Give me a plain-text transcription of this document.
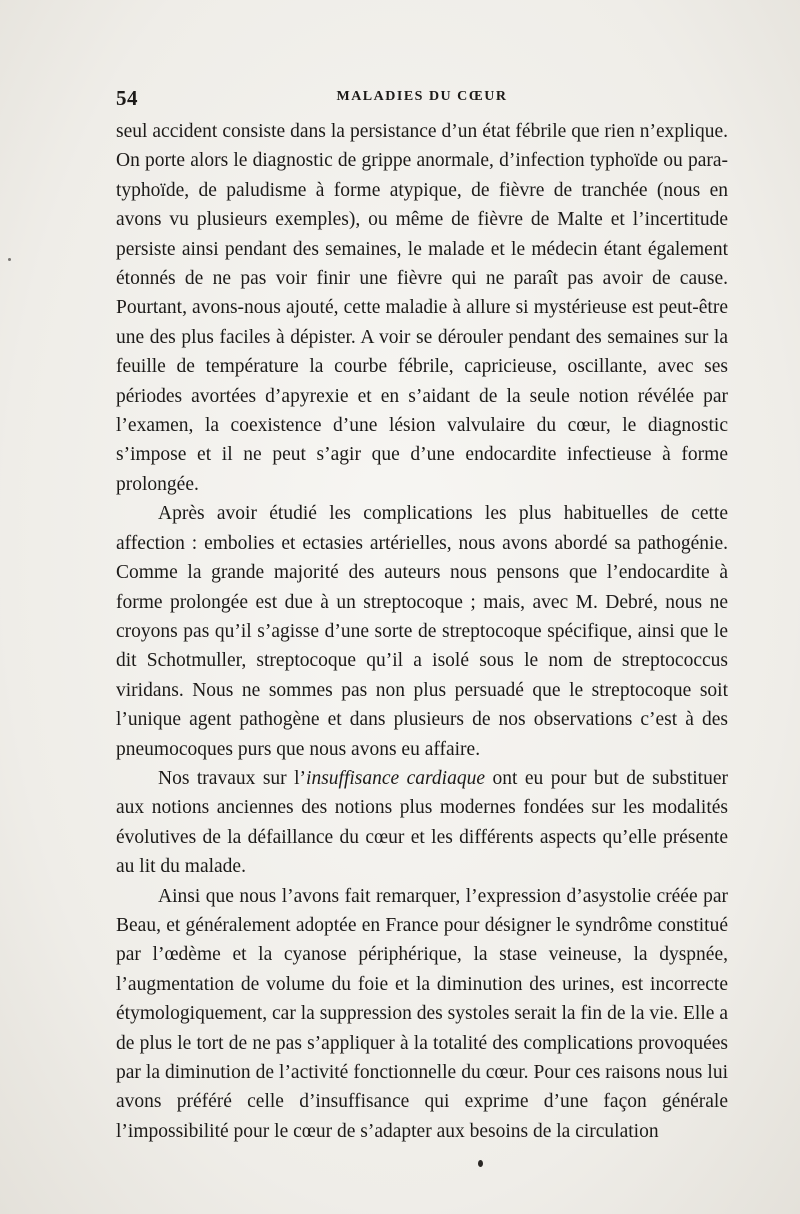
54	MALADIES DU CŒUR

seul accident consiste dans la persistance d’un état fébrile que rien n’explique. On porte alors le diagnostic de grippe anormale, d’infection typhoïde ou para-typhoïde, de paludisme à forme atypique, de fièvre de tranchée (nous en avons vu plusieurs exemples), ou même de fièvre de Malte et l’incertitude persiste ainsi pendant des semaines, le malade et le médecin étant également étonnés de ne pas voir finir une fièvre qui ne paraît pas avoir de cause. Pourtant, avons-nous ajouté, cette maladie à allure si mystérieuse est peut-être une des plus faciles à dépister. A voir se dérouler pendant des semaines sur la feuille de température la courbe fébrile, capricieuse, oscillante, avec ses périodes avortées d’apyrexie et en s’aidant de la seule notion révélée par l’examen, la coexistence d’une lésion valvulaire du cœur, le diagnostic s’impose et il ne peut s’agir que d’une endocardite infectieuse à forme prolongée.

Après avoir étudié les complications les plus habituelles de cette affection : embolies et ectasies artérielles, nous avons abordé sa pathogénie. Comme la grande majorité des auteurs nous pensons que l’endocardite à forme prolongée est due à un streptocoque ; mais, avec M. Debré, nous ne croyons pas qu’il s’agisse d’une sorte de streptocoque spécifique, ainsi que le dit Schotmuller, streptocoque qu’il a isolé sous le nom de streptococcus viridans. Nous ne sommes pas non plus persuadé que le streptocoque soit l’unique agent pathogène et dans plusieurs de nos observations c’est à des pneumocoques purs que nous avons eu affaire.

Nos travaux sur l’insuffisance cardiaque ont eu pour but de substituer aux notions anciennes des notions plus modernes fondées sur les modalités évolutives de la défaillance du cœur et les différents aspects qu’elle présente au lit du malade.

Ainsi que nous l’avons fait remarquer, l’expression d’asystolie créée par Beau, et généralement adoptée en France pour désigner le syndrôme constitué par l’œdème et la cyanose périphérique, la stase veineuse, la dyspnée, l’augmentation de volume du foie et la diminution des urines, est incorrecte étymologiquement, car la suppression des systoles serait la fin de la vie. Elle a de plus le tort de ne pas s’appliquer à la totalité des complications provoquées par la diminution de l’activité fonctionnelle du cœur. Pour ces raisons nous lui avons préféré celle d’insuffisance qui exprime d’une façon générale l’impossibilité pour le cœur de s’adapter aux besoins de la circulation
